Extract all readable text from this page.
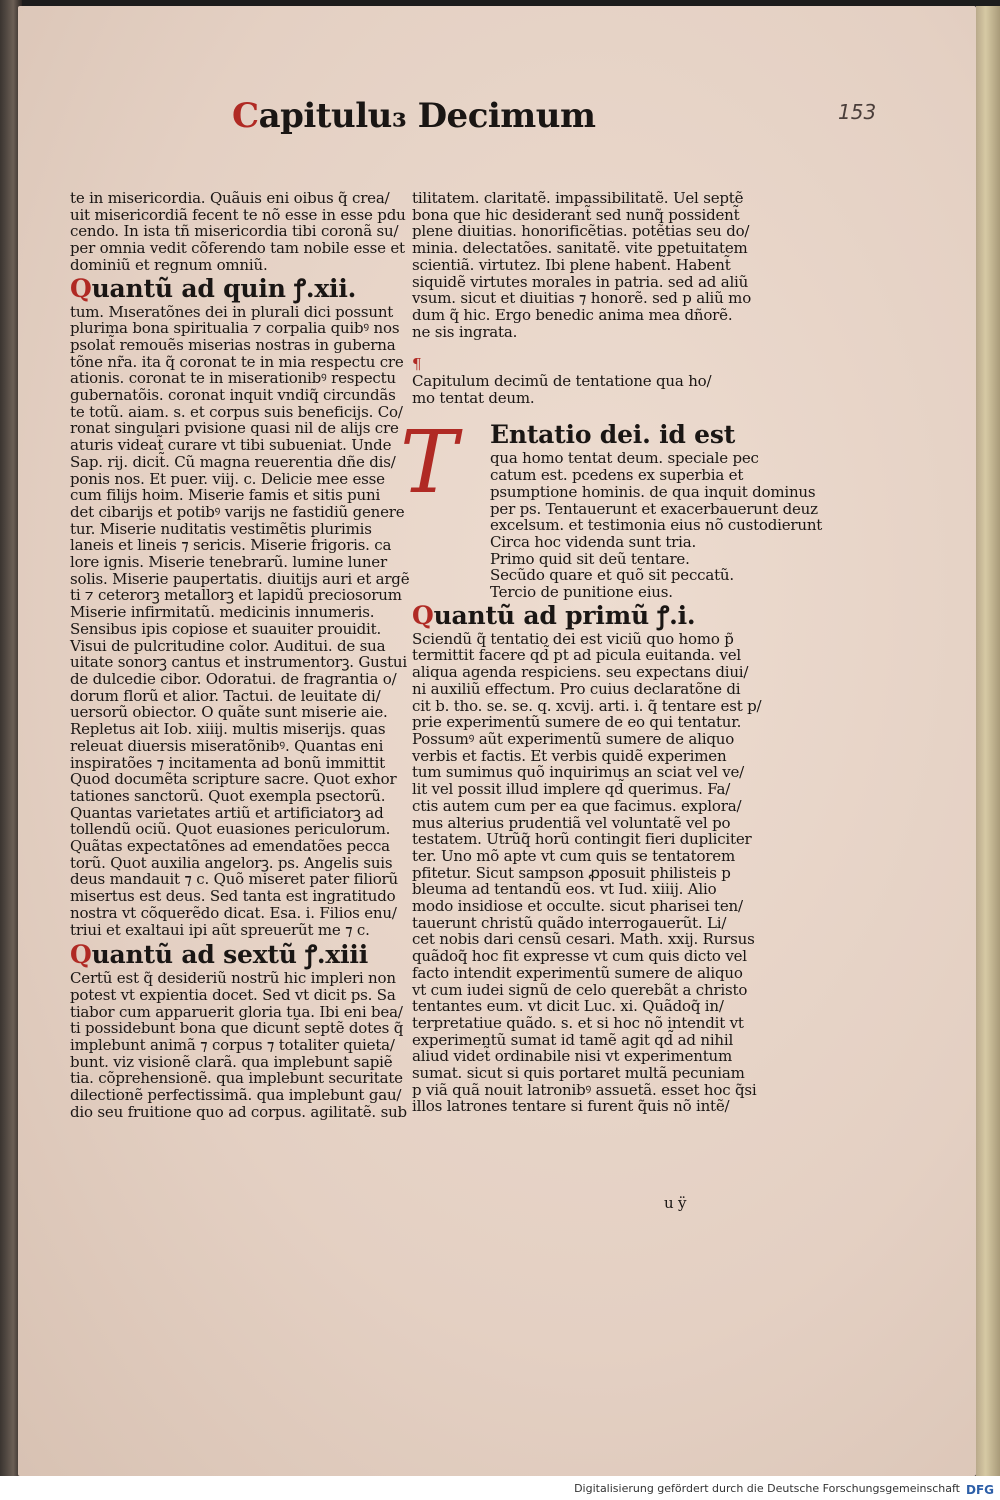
153
Capitulu₃ Decimum
te in misericordia. Quãuis eni oibus q̃ crea/
uit misericordiã fecent te nõ esse in esse pdu
cendo. In ista tñ misericordia tibi coronã su/
per omnia vedit cõferendo tam nobile esse et
dominiũ et regnum omniũ.
Quantũ ad quin ꝭ.xii.
tum. Mıseratõnes dei in plurali dici possunt
plurima bona spiritualia ⁊ corpalia quibꝰ nos
psolat̃ remouẽs miserias nostras in guberna
tõne nr̃a. ita q̃ coronat te in mia respectu cre
ationis. coronat te in miserationibꝰ respectu
gubernatõis. coronat inquit vndiq̃ circundãs
te totũ. aiam. s. et corpus suis beneficijs. Co/
ronat singulari pvisione quasi nil de alijs cre
aturis videat̃ curare vt tibi subueniat. Unde
Sap. rij. dicit̃. Cũ magna reuerentia dñe dis/
ponis nos. Et puer. viij. c. Delicie mee esse
cum filijs hoim. Miserie famis et sitis puni
det cibarijs et potibꝰ varijs ne fastidiũ genere
tur. Miserie nuditatis vestimẽtis plurimis
laneis et lineis ⁊ sericis. Miserie frigoris. ca
lore ignis. Miserie tenebrarũ. lumine luner
solis. Miserie paupertatis. diuitijs auri et argẽ
ti ⁊ ceterorꝫ metallorꝫ et lapidũ preciosorum
Miserie infirmitatũ. medicinis innumeris.
Sensibus ipis copiose et suauiter prouidit.
Visui de pulcritudine color. Auditui. de sua
uitate sonorꝫ cantus et instrumentorꝫ. Gustui
de dulcedie cibor. Odoratui. de fragrantia o/
dorum florũ et alior. Tactui. de leuitate di/
uersorũ obiector. O quãte sunt miserie aie.
Repletus ait Iob. xiiij. multis miserijs. quas
releuat diuersis miseratõnibꝰ. Quantas eni
inspiratões ⁊ incitamenta ad bonũ immittit
Quod documẽta scripture sacre. Quot exhor
tationes sanctorũ. Quot exempla psectorũ.
Quantas varietates artiũ et artificiatorꝫ ad
tollendũ ociũ. Quot euasiones periculorum.
Quãtas expectatõnes ad emendatões pecca
torũ. Quot auxilia angelorꝫ. ps. Angelis suis
deus mandauit ⁊ c. Quõ miseret pater filiorũ
misertus est deus. Sed tanta est ingratitudo
nostra vt cõquerẽdo dicat. Esa. i. Filios enu/
triui et exaltaui ipi aũt spreuerũt me ⁊ c.
Quantũ ad sextũ ꝭ.xiii
Certũ est q̃ desideriũ nostrũ hic impleri non
potest vt expientia docet. Sed vt dicit ps. Sa
tiabor cum apparuerit gloria tua. Ibi eni bea/
ti possidebunt bona que dicunt̃ septẽ dotes q̃
implebunt animã ⁊ corpus ⁊ totaliter quieta/
bunt. viz visionẽ clarã. qua implebunt sapiẽ
tia. cõprehensionẽ. qua implebunt securitate
dilectionẽ perfectissimã. qua implebunt gau/
dio seu fruitione quo ad corpus. agilitatẽ. sub
tilitatem. claritatẽ. impassibilitatẽ. Uel septẽ
bona que hic desiderant̃ sed nunq̃ possident̃
plene diuitias. honorificẽtias. potẽtias seu do/
minia. delectatões. sanitatẽ. vite ppetuitatem
scientiã. virtutez. Ibi plene habent̃. Habent̃
siquidẽ virtutes morales in patria. sed ad aliũ
vsum. sicut et diuitias ⁊ honorẽ. sed p aliũ mo
dum q̃ hic. Ergo benedic anima mea dñorẽ.
ne sis ingrata.
¶
Capitulum decimũ de tentatione qua ho/
mo tentat deum.
Entatio dei. id est
qua homo tentat deum. speciale pec
catum est. pcedens ex superbia et
psumptione hominis. de qua inquit dominus
per ps. Tentauerunt et exacerbauerunt deuz
excelsum. et testimonia eius nõ custodierunt
Circa hoc videnda sunt tria.
Primo quid sit deũ tentare.
Secũdo quare et quõ sit peccatũ.
Tercio de punitione eius.
Quantũ ad primũ ꝭ.i.
Sciendũ q̃ tentatio dei est viciũ quo homo p̃
termittit facere qd̃ pt ad picula euitanda. vel
aliqua agenda respiciens. seu expectans diui/
ni auxiliũ effectum. Pro cuius declaratõne di
cit b. tho. se. se. q. xcvij. arti. i. q̃ tentare est p/
prie experimentũ sumere de eo qui tentatur.
Possumꝰ aũt experimentũ sumere de aliquo
verbis et factis. Et verbis quidẽ experimen
tum sumimus quõ inquirimus an sciat vel ve/
lit vel possit illud implere qd̃ querimus. Fa/
ctis autem cum per ea que facimus. explora/
mus alterius prudentiã vel voluntatẽ vel po
testatem. Utrũq̃ horũ contingit fieri dupliciter
ter. Uno mõ apte vt cum quis se tentatorem
pfitetur. Sicut sampson ꝓposuit philisteis p
bleuma ad tentandũ eos. vt Iud. xiiij. Alio
modo insidiose et occulte. sicut pharisei ten/
tauerunt christũ quãdo interrogauerũt. Li/
cet nobis dari censũ cesari. Math. xxij. Rursus
quãdoq̃ hoc fit expresse vt cum quis dicto vel
facto intendit experimentũ sumere de aliquo
vt cum iudei signũ de celo querebãt a christo
tentantes eum. vt dicit Luc. xi. Quãdoq̃ in/
terpretatiue quãdo. s. et si hoc nõ intendit vt
experimentũ sumat id tamẽ agit qd̃ ad nihil
aliud videt̃ ordinabile nisi vt experimentum
sumat. sicut si quis portaret multã pecuniam
p viã quã nouit latronibꝰ assuetã. esset hoc q̃si
illos latrones tentare si furent q̃uis nõ intẽ/
T
u ÿ
Digitalisierung gefördert durch die Deutsche Forschungsgemeinschaft DFG
